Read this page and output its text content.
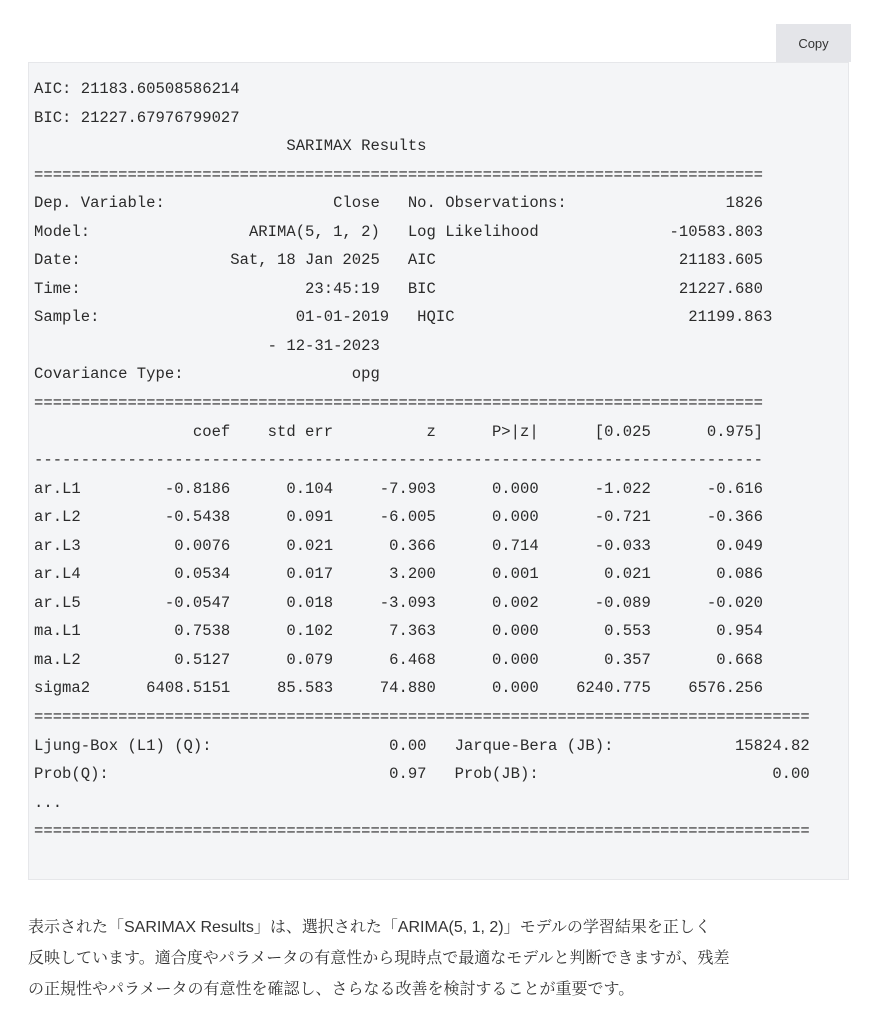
Copy
AIC: 21183.60508586214
BIC: 21227.67976799027
SARIMAX Results
==============================================================================
Dep. Variable:                  Close   No. Observations:                 1826
Model:                 ARIMA(5, 1, 2)   Log Likelihood              -10583.803
Date:                Sat, 18 Jan 2025   AIC                          21183.605
Time:                        23:45:19   BIC                          21227.680
Sample:                     01-01-2019   HQIC                         21199.863
- 12-31-2023
Covariance Type:                  opg
==============================================================================
coef    std err          z      P>|z|      [0.025      0.975]
------------------------------------------------------------------------------
ar.L1         -0.8186      0.104     -7.903      0.000      -1.022      -0.616
ar.L2         -0.5438      0.091     -6.005      0.000      -0.721      -0.366
ar.L3          0.0076      0.021      0.366      0.714      -0.033       0.049
ar.L4          0.0534      0.017      3.200      0.001       0.021       0.086
ar.L5         -0.0547      0.018     -3.093      0.002      -0.089      -0.020
ma.L1          0.7538      0.102      7.363      0.000       0.553       0.954
ma.L2          0.5127      0.079      6.468      0.000       0.357       0.668
sigma2      6408.5151     85.583     74.880      0.000    6240.775    6576.256
===================================================================================
Ljung-Box (L1) (Q):                   0.00   Jarque-Bera (JB):             15824.82
Prob(Q):                              0.97   Prob(JB):                         0.00
...
===================================================================================

表示された「SARIMAX Results」は、選択された「ARIMA(5, 1, 2)」モデルの学習結果を正しく

反映しています。適合度やパラメータの有意性から現時点で最適なモデルと判断できますが、残差

の正規性やパラメータの有意性を確認し、さらなる改善を検討することが重要です。
